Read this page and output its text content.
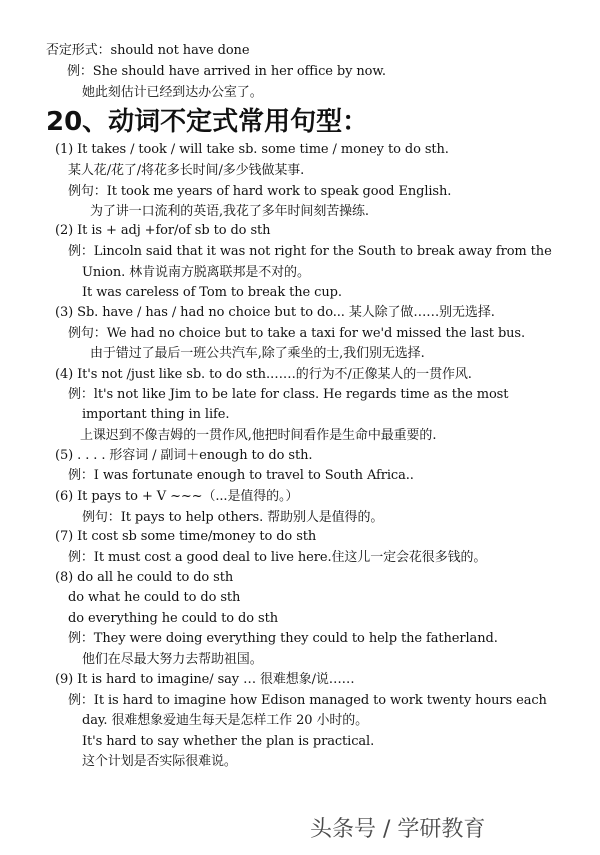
否定形式：should not have done
例：She should have arrived in her office by now.
她此刻估计已经到达办公室了。
20、动词不定式常用句型：
(1) It takes / took / will take sb. some time / money to do sth.
某人花/花了/将花多长时间/多少钱做某事.
例句：It took me years of hard work to speak good English.
为了讲一口流利的英语,我花了多年时间刻苦操练.
(2) It is + adj +for/of sb to do sth
例：Lincoln said that it was not right for the South to break away from the
Union. 林肯说南方脱离联邦是不对的。
It was careless of Tom to break the cup.
(3) Sb. have / has / had no choice but to do... 某人除了做……别无选择.
例句：We had no choice but to take a taxi for we'd missed the last bus.
由于错过了最后一班公共汽车,除了乘坐的士,我们别无选择.
(4) It's not /just like sb. to do sth.……的行为不/正像某人的一贯作风.
例：lt's not like Jim to be late for class. He regards time as the most
important thing in life.
上课迟到不像吉姆的一贯作风,他把时间看作是生命中最重要的.
(5) . . . . 形容词 / 副词＋enough to do sth.
例：I was fortunate enough to travel to South Africa..
(6) It pays to + V ~~~（...是值得的。）
例句：It pays to help others. 帮助别人是值得的。
(7) It cost sb some time/money to do sth
例：It must cost a good deal to live here.住这儿一定会花很多钱的。
(8) do all he could to do sth
do what he could to do sth
do everything he could to do sth
例：They were doing everything they could to help the fatherland.
他们在尽最大努力去帮助祖国。
(9) It is hard to imagine/ say … 很难想象/说……
例：It is hard to imagine how Edison managed to work twenty hours each
day. 很难想象爱迪生每天是怎样工作 20 小时的。
It's hard to say whether the plan is practical.
这个计划是否实际很难说。
头条号 / 学研教育
